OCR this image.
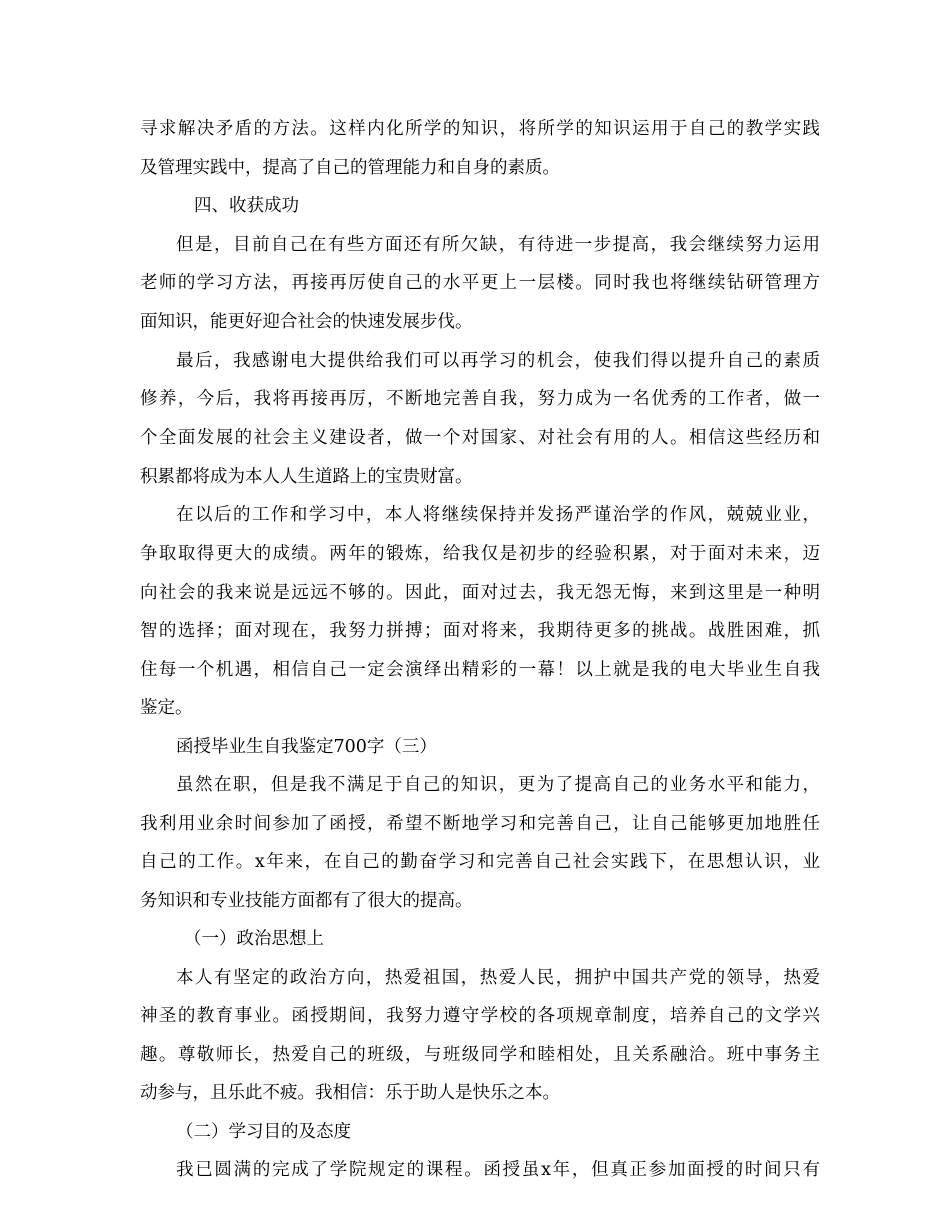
寻求解决矛盾的方法。这样内化所学的知识，将所学的知识运用于自己的教学实践
及管理实践中，提高了自己的管理能力和自身的素质。
四、收获成功
但是，目前自己在有些方面还有所欠缺，有待进一步提高，我会继续努力运用
老师的学习方法，再接再厉使自己的水平更上一层楼。同时我也将继续钻研管理方
面知识，能更好迎合社会的快速发展步伐。
最后，我感谢电大提供给我们可以再学习的机会，使我们得以提升自己的素质
修养，今后，我将再接再厉，不断地完善自我，努力成为一名优秀的工作者，做一
个全面发展的社会主义建设者，做一个对国家、对社会有用的人。相信这些经历和
积累都将成为本人人生道路上的宝贵财富。
在以后的工作和学习中，本人将继续保持并发扬严谨治学的作风，兢兢业业，
争取取得更大的成绩。两年的锻炼，给我仅是初步的经验积累，对于面对未来，迈
向社会的我来说是远远不够的。因此，面对过去，我无怨无悔，来到这里是一种明
智的选择；面对现在，我努力拼搏；面对将来，我期待更多的挑战。战胜困难，抓
住每一个机遇，相信自己一定会演绎出精彩的一幕！以上就是我的电大毕业生自我
鉴定。
函授毕业生自我鉴定700字（三）
虽然在职，但是我不满足于自己的知识，更为了提高自己的业务水平和能力，
我利用业余时间参加了函授，希望不断地学习和完善自己，让自己能够更加地胜任
自己的工作。x年来，在自己的勤奋学习和完善自己社会实践下，在思想认识，业
务知识和专业技能方面都有了很大的提高。
（一）政治思想上
本人有坚定的政治方向，热爱祖国，热爱人民，拥护中国共产党的领导，热爱
神圣的教育事业。函授期间，我努力遵守学校的各项规章制度，培养自己的文学兴
趣。尊敬师长，热爱自己的班级，与班级同学和睦相处，且关系融洽。班中事务主
动参与，且乐此不疲。我相信：乐于助人是快乐之本。
（二）学习目的及态度
我已圆满的完成了学院规定的课程。函授虽x年，但真正参加面授的时间只有
